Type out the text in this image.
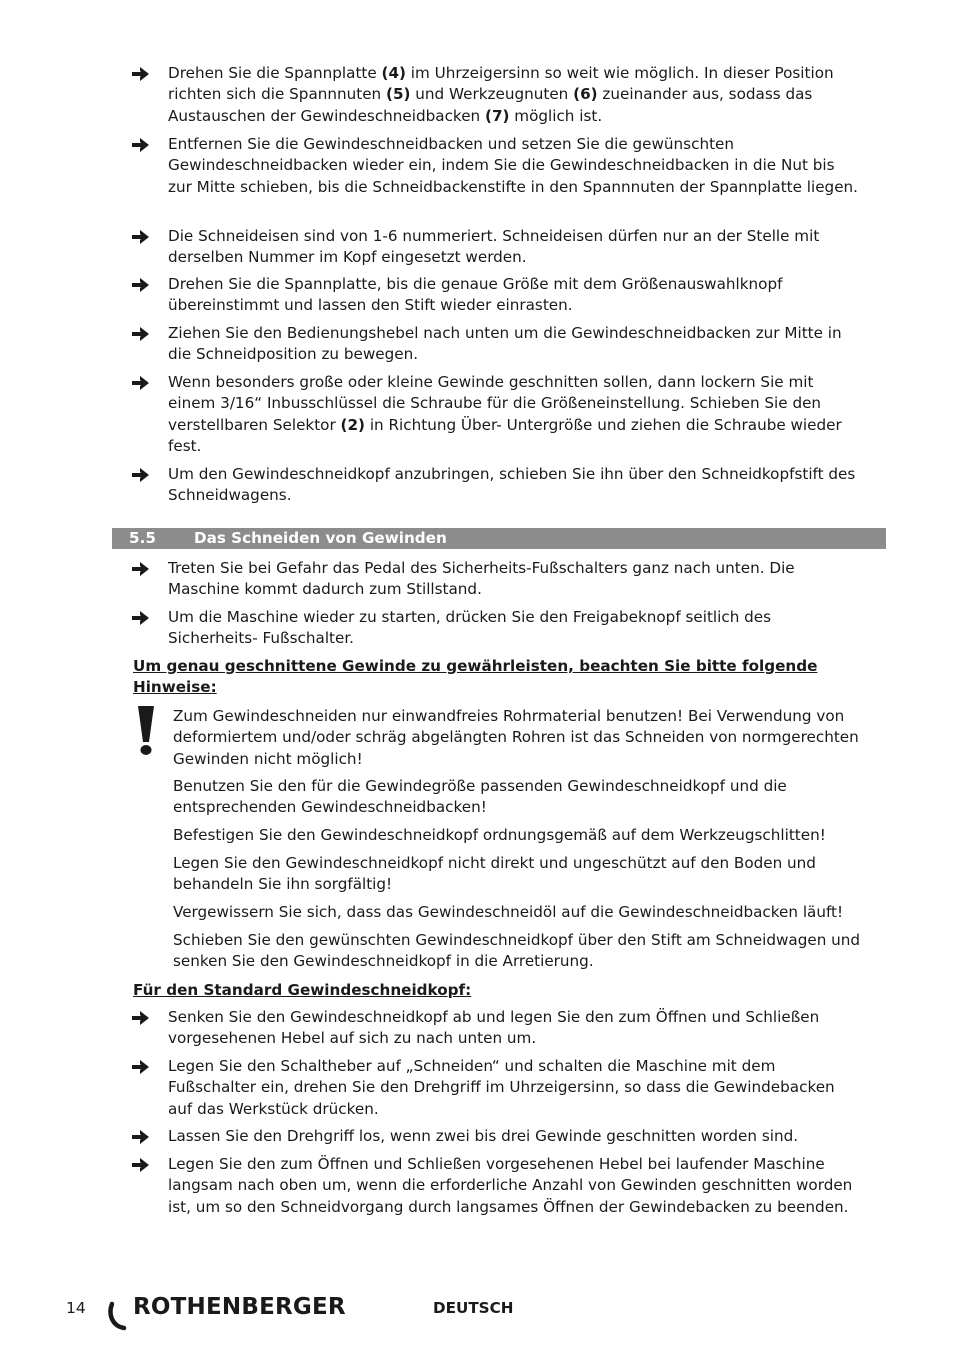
Drehen Sie die Spannplatte (4) im Uhrzeigersinn so weit wie möglich. In dieser Position richten sich die Spannnuten (5) und Werkzeugnuten (6) zueinander aus, sodass das Austauschen der Gewindeschneidbacken (7) möglich ist.
Entfernen Sie die Gewindeschneidbacken und setzen Sie die gewünschten Gewindeschneidbacken wieder ein, indem Sie die Gewindeschneidbacken in die Nut bis zur Mitte schieben, bis die Schneidbackenstifte in den Spannnuten der Spannplatte liegen.
Die Schneideisen sind von 1-6 nummeriert. Schneideisen dürfen nur an der Stelle mit derselben Nummer im Kopf eingesetzt werden.
Drehen Sie die Spannplatte, bis die genaue Größe mit dem Größenauswahlknopf übereinstimmt und lassen den Stift wieder einrasten.
Ziehen Sie den Bedienungshebel nach unten um die Gewindeschneidbacken zur Mitte in die Schneidposition zu bewegen.
Wenn besonders große oder kleine Gewinde geschnitten sollen, dann lockern Sie mit einem 3/16“ Inbusschlüssel die Schraube für die Größeneinstellung. Schieben Sie den verstellbaren Selektor (2) in Richtung Über- Untergröße und ziehen die Schraube wieder fest.
Um den Gewindeschneidkopf anzubringen, schieben Sie ihn über den Schneidkopfstift des Schneidwagens.
5.5	Das Schneiden von Gewinden
Treten Sie bei Gefahr das Pedal des Sicherheits-Fußschalters ganz nach unten. Die Maschine kommt dadurch zum Stillstand.
Um die Maschine wieder zu starten, drücken Sie den Freigabeknopf seitlich des Sicherheits- Fußschalter.
Um genau geschnittene Gewinde zu gewährleisten, beachten Sie bitte folgende Hinweise:
Zum Gewindeschneiden nur einwandfreies Rohrmaterial benutzen! Bei Verwendung von deformiertem und/oder schräg abgelängten Rohren ist das Schneiden von normgerechten Gewinden nicht möglich!
Benutzen Sie den für die Gewindegröße passenden Gewindeschneidkopf und die entsprechenden Gewindeschneidbacken!
Befestigen Sie den Gewindeschneidkopf ordnungsgemäß auf dem Werkzeugschlitten!
Legen Sie den Gewindeschneidkopf nicht direkt und ungeschützt auf den Boden und behandeln Sie ihn sorgfältig!
Vergewissern Sie sich, dass das Gewindeschneidöl auf die Gewindeschneidbacken läuft!
Schieben Sie den gewünschten Gewindeschneidkopf über den Stift am Schneidwagen und senken Sie den Gewindeschneidkopf in die Arretierung.
Für den Standard Gewindeschneidkopf:
Senken Sie den Gewindeschneidkopf ab und legen Sie den zum Öffnen und Schließen vorgesehenen Hebel auf sich zu nach unten um.
Legen Sie den Schaltheber auf „Schneiden“ und schalten die Maschine mit dem Fußschalter ein, drehen Sie den Drehgriff im Uhrzeigersinn, so dass die Gewindebacken auf das Werkstück drücken.
Lassen Sie den Drehgriff los, wenn zwei bis drei Gewinde geschnitten worden sind.
Legen Sie den zum Öffnen und Schließen vorgesehenen Hebel bei laufender Maschine langsam nach oben um, wenn die erforderliche Anzahl von Gewinden geschnitten worden ist, um so den Schneidvorgang durch langsames Öffnen der Gewindebacken zu beenden.
14 ROTHENBERGER	DEUTSCH
